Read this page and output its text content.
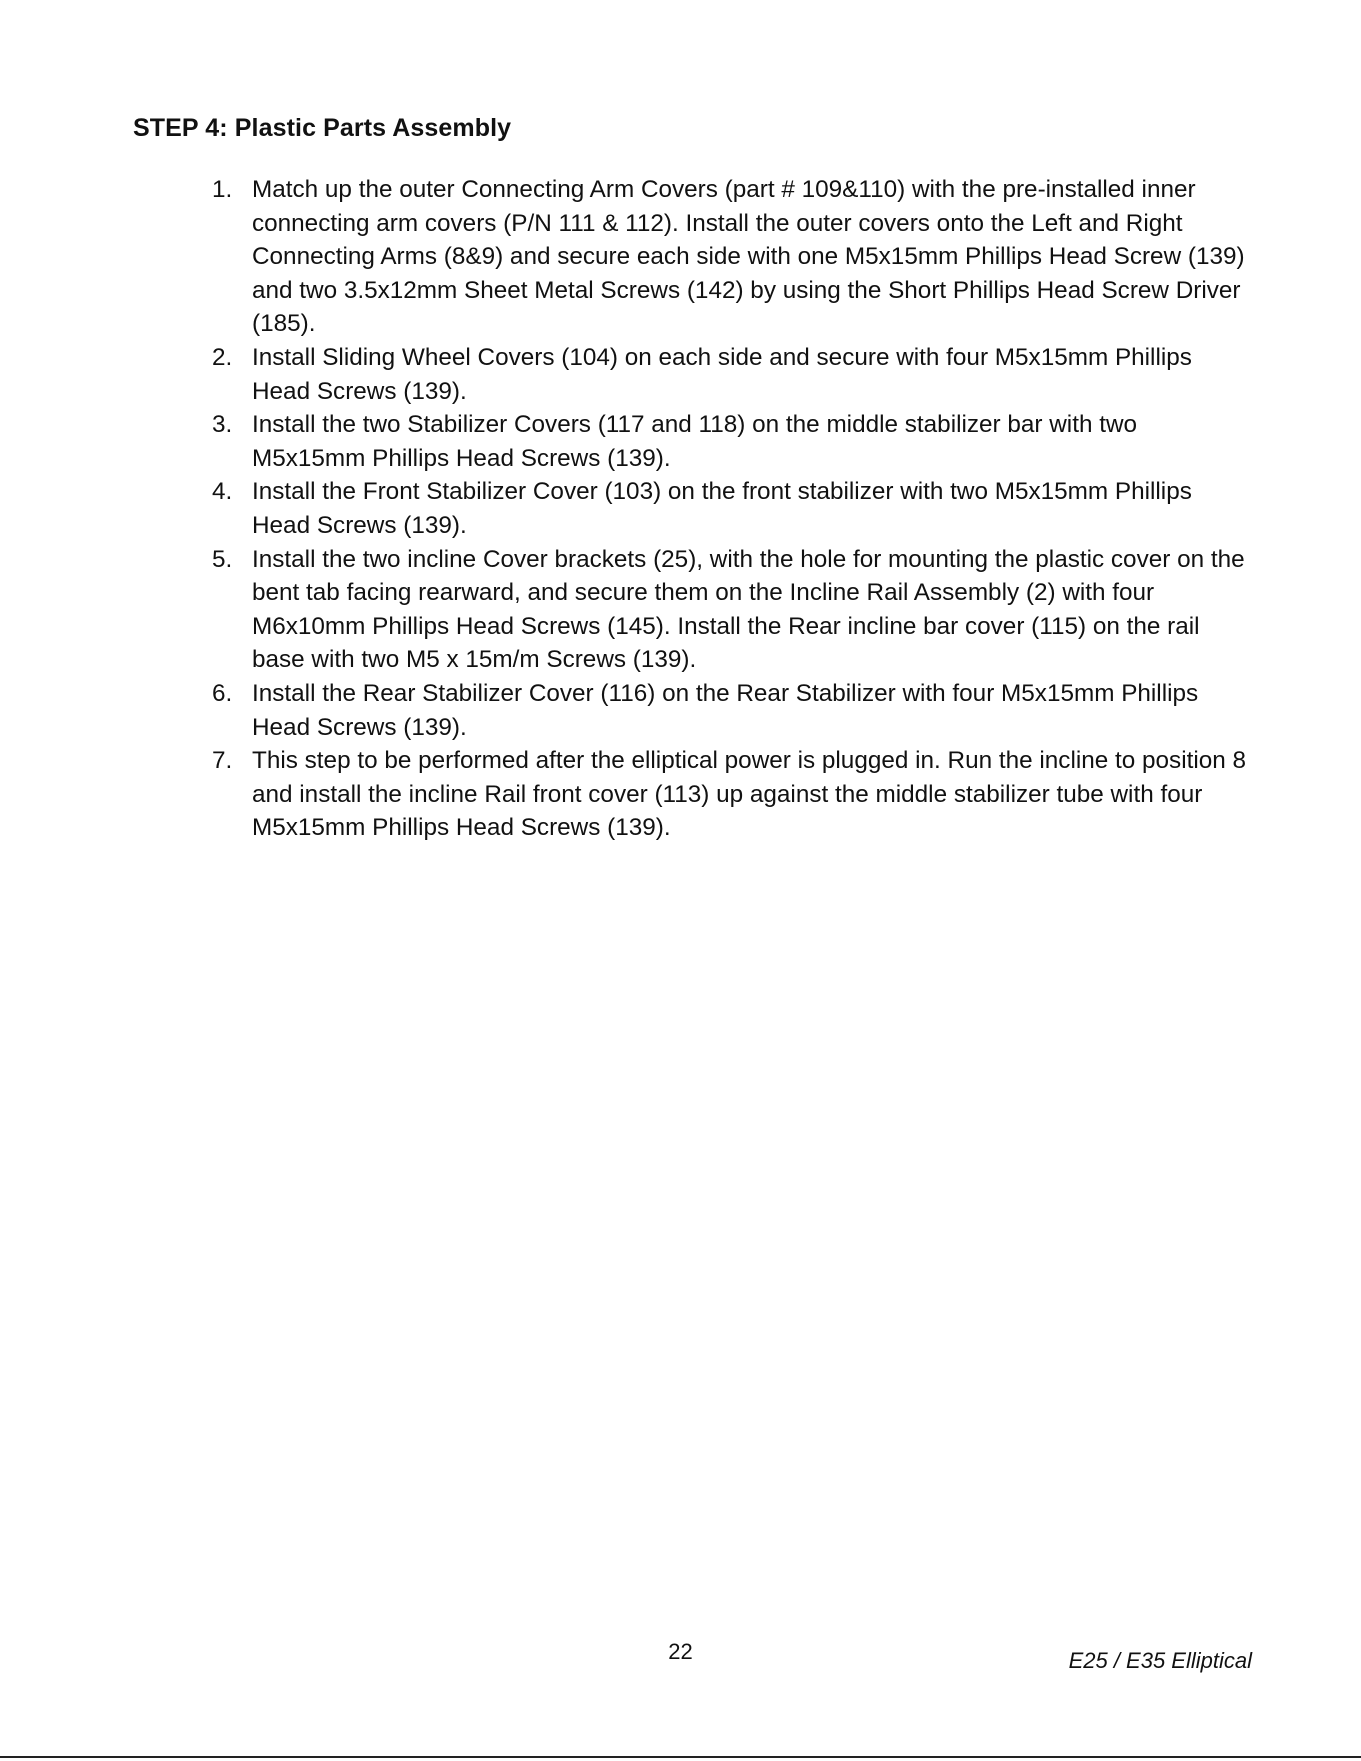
STEP 4: Plastic Parts Assembly
1. Match up the outer Connecting Arm Covers (part # 109&110) with the pre-installed inner connecting arm covers (P/N 111 & 112). Install the outer covers onto the Left and Right Connecting Arms (8&9) and secure each side with one M5x15mm Phillips Head Screw (139) and two 3.5x12mm Sheet Metal Screws (142) by using the Short Phillips Head Screw Driver (185).
2. Install Sliding Wheel Covers (104) on each side and secure with four M5x15mm Phillips Head Screws (139).
3. Install the two Stabilizer Covers (117 and 118) on the middle stabilizer bar with two M5x15mm Phillips Head Screws (139).
4. Install the Front Stabilizer Cover (103) on the front stabilizer with two M5x15mm Phillips Head Screws (139).
5. Install the two incline Cover brackets (25), with the hole for mounting the plastic cover on the bent tab facing rearward, and secure them on the Incline Rail Assembly (2) with four M6x10mm Phillips Head Screws (145). Install the Rear incline bar cover (115) on the rail base with two M5 x 15m/m Screws (139).
6. Install the Rear Stabilizer Cover (116) on the Rear Stabilizer with four M5x15mm Phillips Head Screws (139).
7. This step to be performed after the elliptical power is plugged in. Run the incline to position 8 and install the incline Rail front cover (113) up against the middle stabilizer tube with four M5x15mm Phillips Head Screws (139).
22	E25 / E35 Elliptical
